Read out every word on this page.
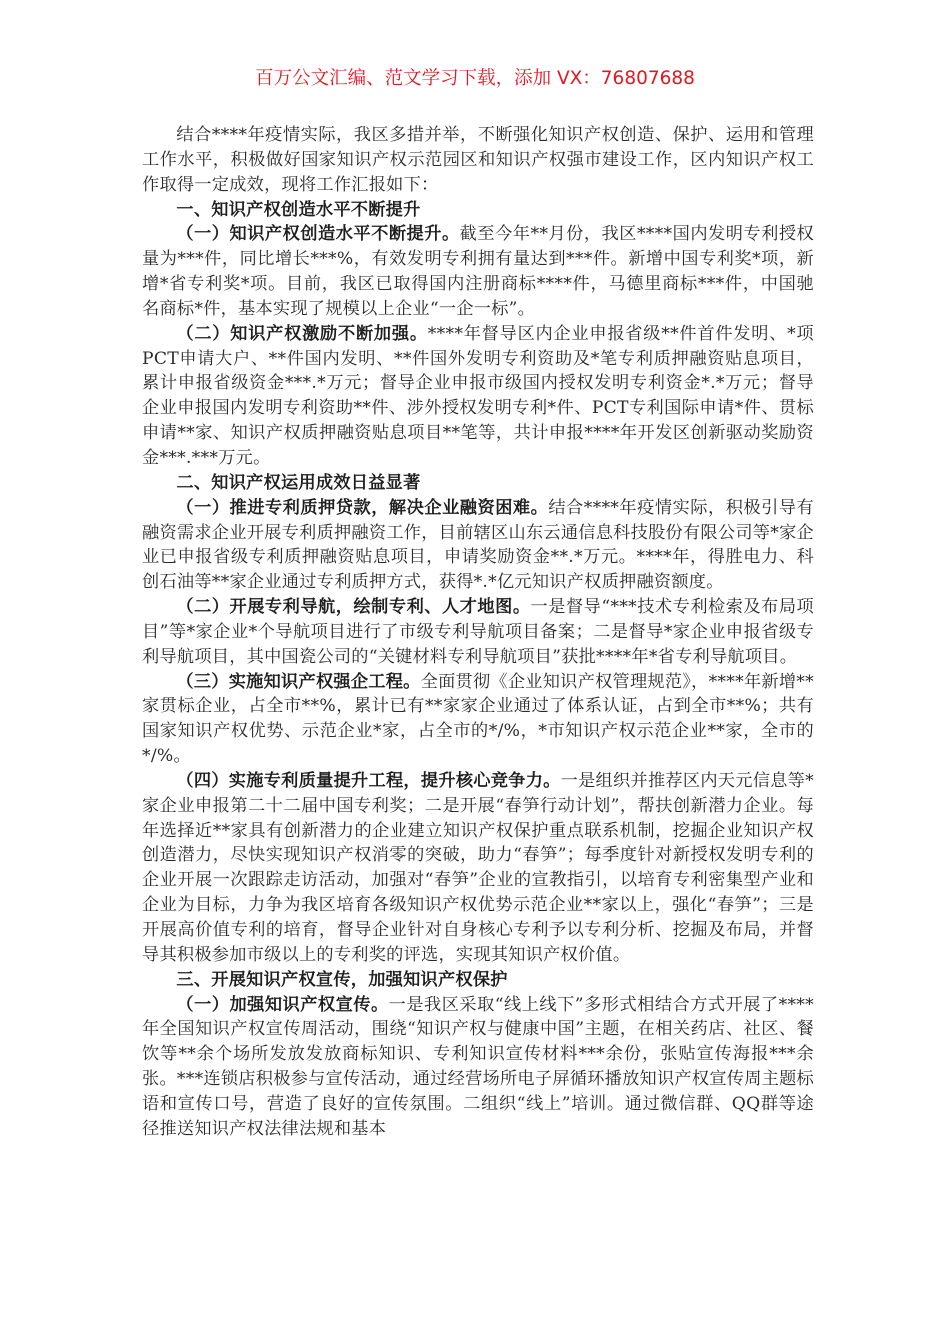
百万公文汇编、范文学习下载，添加 VX：76807688

结合****年疫情实际，我区多措并举，不断强化知识产权创造、保护、运用和管理工作水平，积极做好国家知识产权示范园区和知识产权强市建设工作，区内知识产权工作取得一定成效，现将工作汇报如下：

一、知识产权创造水平不断提升

（一）知识产权创造水平不断提升。截至今年**月份，我区****国内发明专利授权量为***件，同比增长***%，有效发明专利拥有量达到***件。新增中国专利奖*项，新增*省专利奖*项。目前，我区已取得国内注册商标****件，马德里商标***件，中国驰名商标*件，基本实现了规模以上企业“一企一标”。

（二）知识产权激励不断加强。****年督导区内企业申报省级**件首件发明、*项PCT申请大户、**件国内发明、**件国外发明专利资助及*笔专利质押融资贴息项目，累计申报省级资金***.*万元；督导企业申报市级国内授权发明专利资金*.*万元；督导企业申报国内发明专利资助**件、涉外授权发明专利*件、PCT专利国际申请*件、贯标申请**家、知识产权质押融资贴息项目**笔等，共计申报****年开发区创新驱动奖励资金***.***万元。

二、知识产权运用成效日益显著

（一）推进专利质押贷款，解决企业融资困难。结合****年疫情实际，积极引导有融资需求企业开展专利质押融资工作，目前辖区山东云通信息科技股份有限公司等*家企业已申报省级专利质押融资贴息项目，申请奖励资金**.*万元。****年，得胜电力、科创石油等**家企业通过专利质押方式，获得*.*亿元知识产权质押融资额度。

（二）开展专利导航，绘制专利、人才地图。一是督导“***技术专利检索及布局项目”等*家企业*个导航项目进行了市级专利导航项目备案；二是督导*家企业申报省级专利导航项目，其中国瓷公司的“关键材料专利导航项目”获批****年*省专利导航项目。

（三）实施知识产权强企工程。全面贯彻《企业知识产权管理规范》，****年新增**家贯标企业，占全市**%，累计已有**家家企业通过了体系认证，占到全市**%；共有国家知识产权优势、示范企业*家，占全市的*/%，*市知识产权示范企业**家，全市的*/%。

（四）实施专利质量提升工程，提升核心竞争力。一是组织并推荐区内天元信息等*家企业申报第二十二届中国专利奖；二是开展“春笋行动计划”，帮扶创新潜力企业。每年选择近**家具有创新潜力的企业建立知识产权保护重点联系机制，挖掘企业知识产权创造潜力，尽快实现知识产权消零的突破，助力“春笋”；每季度针对新授权发明专利的企业开展一次跟踪走访活动，加强对“春笋”企业的宣教指引，以培育专利密集型产业和企业为目标，力争为我区培育各级知识产权优势示范企业**家以上，强化“春笋”；三是开展高价值专利的培育，督导企业针对自身核心专利予以专利分析、挖掘及布局，并督导其积极参加市级以上的专利奖的评选，实现其知识产权价值。

三、开展知识产权宣传，加强知识产权保护

（一）加强知识产权宣传。一是我区采取“线上线下”多形式相结合方式开展了****年全国知识产权宣传周活动，围绕“知识产权与健康中国”主题，在相关药店、社区、餐饮等**余个场所发放发放商标知识、专利知识宣传材料***余份，张贴宣传海报***余张。***连锁店积极参与宣传活动，通过经营场所电子屏循环播放知识产权宣传周主题标语和宣传口号，营造了良好的宣传氛围。二组织“线上”培训。通过微信群、QQ群等途径推送知识产权法律法规和基本
